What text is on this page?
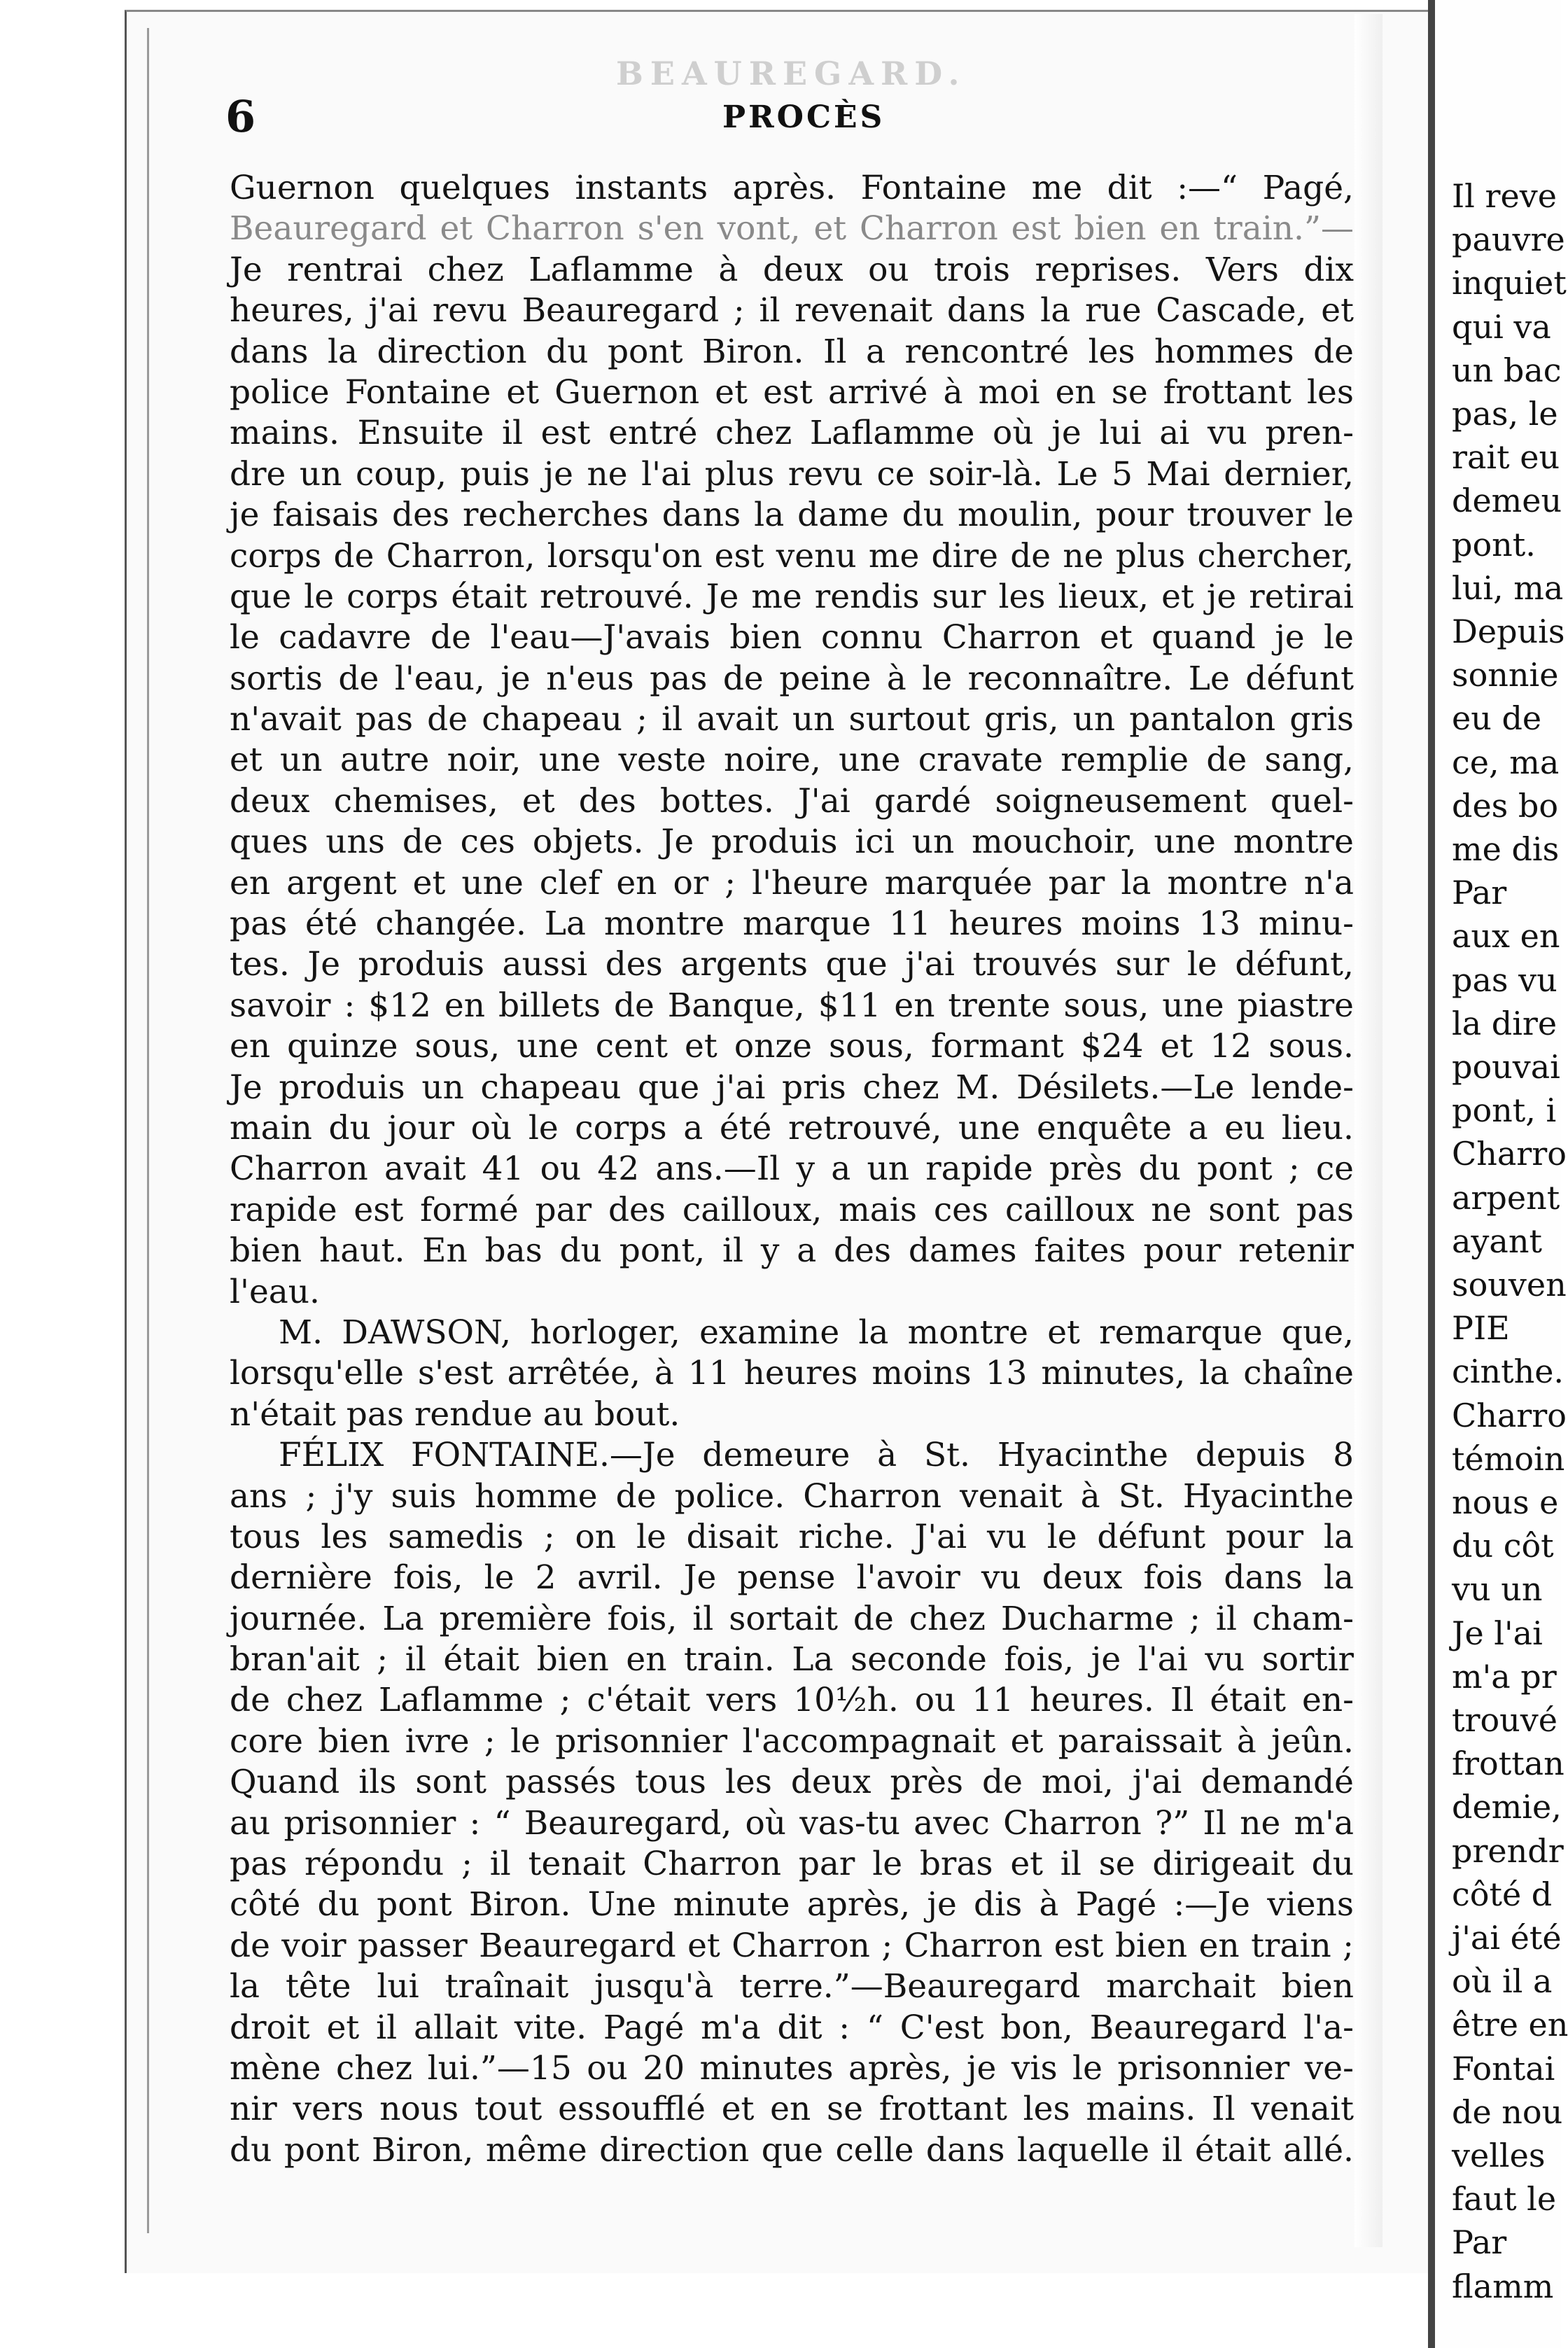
6	PROCÈS
BEAUREGARD.
Guernon quelques instants après. Fontaine me dit :—“ Pagé,
Beauregard et Charron s'en vont, et Charron est bien en train.”—
Je rentrai chez Laflamme à deux ou trois reprises. Vers dix
heures, j'ai revu Beauregard ; il revenait dans la rue Cascade, et
dans la direction du pont Biron. Il a rencontré les hommes de
police Fontaine et Guernon et est arrivé à moi en se frottant les
mains. Ensuite il est entré chez Laflamme où je lui ai vu pren-
dre un coup, puis je ne l'ai plus revu ce soir-là. Le 5 Mai dernier,
je faisais des recherches dans la dame du moulin, pour trouver le
corps de Charron, lorsqu'on est venu me dire de ne plus chercher,
que le corps était retrouvé. Je me rendis sur les lieux, et je retirai
le cadavre de l'eau—J'avais bien connu Charron et quand je le
sortis de l'eau, je n'eus pas de peine à le reconnaître. Le défunt
n'avait pas de chapeau ; il avait un surtout gris, un pantalon gris
et un autre noir, une veste noire, une cravate remplie de sang,
deux chemises, et des bottes. J'ai gardé soigneusement quel-
ques uns de ces objets. Je produis ici un mouchoir, une montre
en argent et une clef en or ; l'heure marquée par la montre n'a
pas été changée. La montre marque 11 heures moins 13 minu-
tes. Je produis aussi des argents que j'ai trouvés sur le défunt,
savoir : $12 en billets de Banque, $11 en trente sous, une piastre
en quinze sous, une cent et onze sous, formant $24 et 12 sous.
Je produis un chapeau que j'ai pris chez M. Désilets.—Le lende-
main du jour où le corps a été retrouvé, une enquête a eu lieu.
Charron avait 41 ou 42 ans.—Il y a un rapide près du pont ; ce
rapide est formé par des cailloux, mais ces cailloux ne sont pas
bien haut. En bas du pont, il y a des dames faites pour retenir
l'eau.
M. DAWSON, horloger, examine la montre et remarque que,
lorsqu'elle s'est arrêtée, à 11 heures moins 13 minutes, la chaîne
n'était pas rendue au bout.
FÉLIX FONTAINE.—Je demeure à St. Hyacinthe depuis 8
ans ; j'y suis homme de police. Charron venait à St. Hyacinthe
tous les samedis ; on le disait riche. J'ai vu le défunt pour la
dernière fois, le 2 avril. Je pense l'avoir vu deux fois dans la
journée. La première fois, il sortait de chez Ducharme ; il cham-
bran'ait ; il était bien en train. La seconde fois, je l'ai vu sortir
de chez Laflamme ; c'était vers 10½h. ou 11 heures. Il était en-
core bien ivre ; le prisonnier l'accompagnait et paraissait à jeûn.
Quand ils sont passés tous les deux près de moi, j'ai demandé
au prisonnier : “ Beauregard, où vas-tu avec Charron ?” Il ne m'a
pas répondu ; il tenait Charron par le bras et il se dirigeait du
côté du pont Biron. Une minute après, je dis à Pagé :—Je viens
de voir passer Beauregard et Charron ; Charron est bien en train ;
la tête lui traînait jusqu'à terre.”—Beauregard marchait bien
droit et il allait vite. Pagé m'a dit : “ C'est bon, Beauregard l'a-
mène chez lui.”—15 ou 20 minutes après, je vis le prisonnier ve-
nir vers nous tout essoufflé et en se frottant les mains. Il venait
du pont Biron, même direction que celle dans laquelle il était allé.
Il reve
pauvre
inquiet
qui va
un bac
pas, le
rait eu
demeu
pont.
lui, ma
Depuis
sonnie
eu de
ce, ma
des bo
me dis
Par
aux en
pas vu
la dire
pouvai
pont, i
Charro
arpent
ayant
souven
PIE
cinthe.
Charro
témoin
nous e
du côt
vu un
Je l'ai
m'a pr
trouvé
frottan
demie,
prendr
côté d
j'ai été
où il a
être en
Fontai
de nou
velles
faut le
Par
flamm
